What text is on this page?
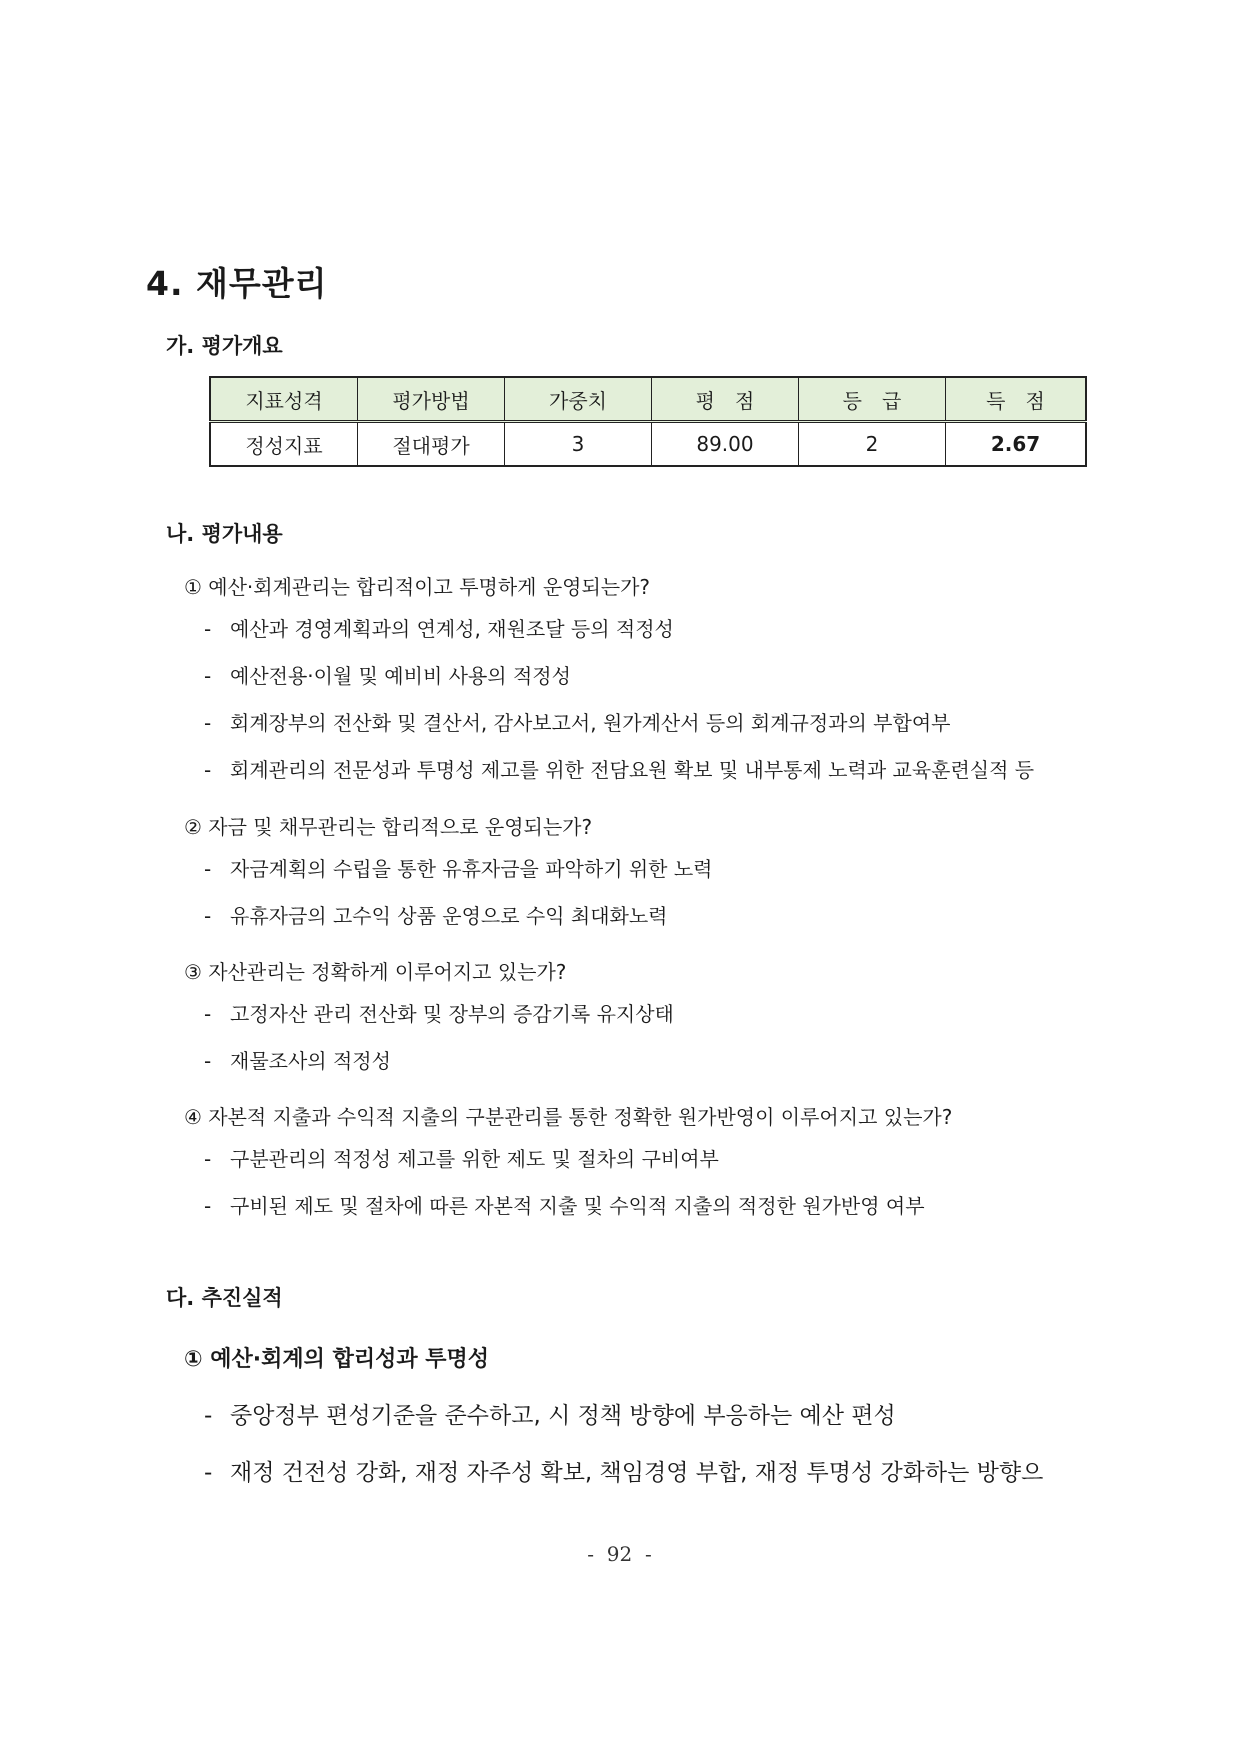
4. 재무관리
가. 평가개요
지표성격	평가방법	가중치	평　점	등　급	득　점
정성지표	절대평가	3	89.00	2	2.67
나. 평가내용
① 예산·회계관리는 합리적이고 투명하게 운영되는가?
- 예산과 경영계획과의 연계성, 재원조달 등의 적정성
- 예산전용·이월 및 예비비 사용의 적정성
- 회계장부의 전산화 및 결산서, 감사보고서, 원가계산서 등의 회계규정과의 부합여부
- 회계관리의 전문성과 투명성 제고를 위한 전담요원 확보 및 내부통제 노력과 교육훈련실적 등
② 자금 및 채무관리는 합리적으로 운영되는가?
- 자금계획의 수립을 통한 유휴자금을 파악하기 위한 노력
- 유휴자금의 고수익 상품 운영으로 수익 최대화노력
③ 자산관리는 정확하게 이루어지고 있는가?
- 고정자산 관리 전산화 및 장부의 증감기록 유지상태
- 재물조사의 적정성
④ 자본적 지출과 수익적 지출의 구분관리를 통한 정확한 원가반영이 이루어지고 있는가?
- 구분관리의 적정성 제고를 위한 제도 및 절차의 구비여부
- 구비된 제도 및 절차에 따른 자본적 지출 및 수익적 지출의 적정한 원가반영 여부
다. 추진실적
① 예산·회계의 합리성과 투명성
- 중앙정부 편성기준을 준수하고, 시 정책 방향에 부응하는 예산 편성
- 재정 건전성 강화, 재정 자주성 확보, 책임경영 부합, 재정 투명성 강화하는 방향으
- 92 -
